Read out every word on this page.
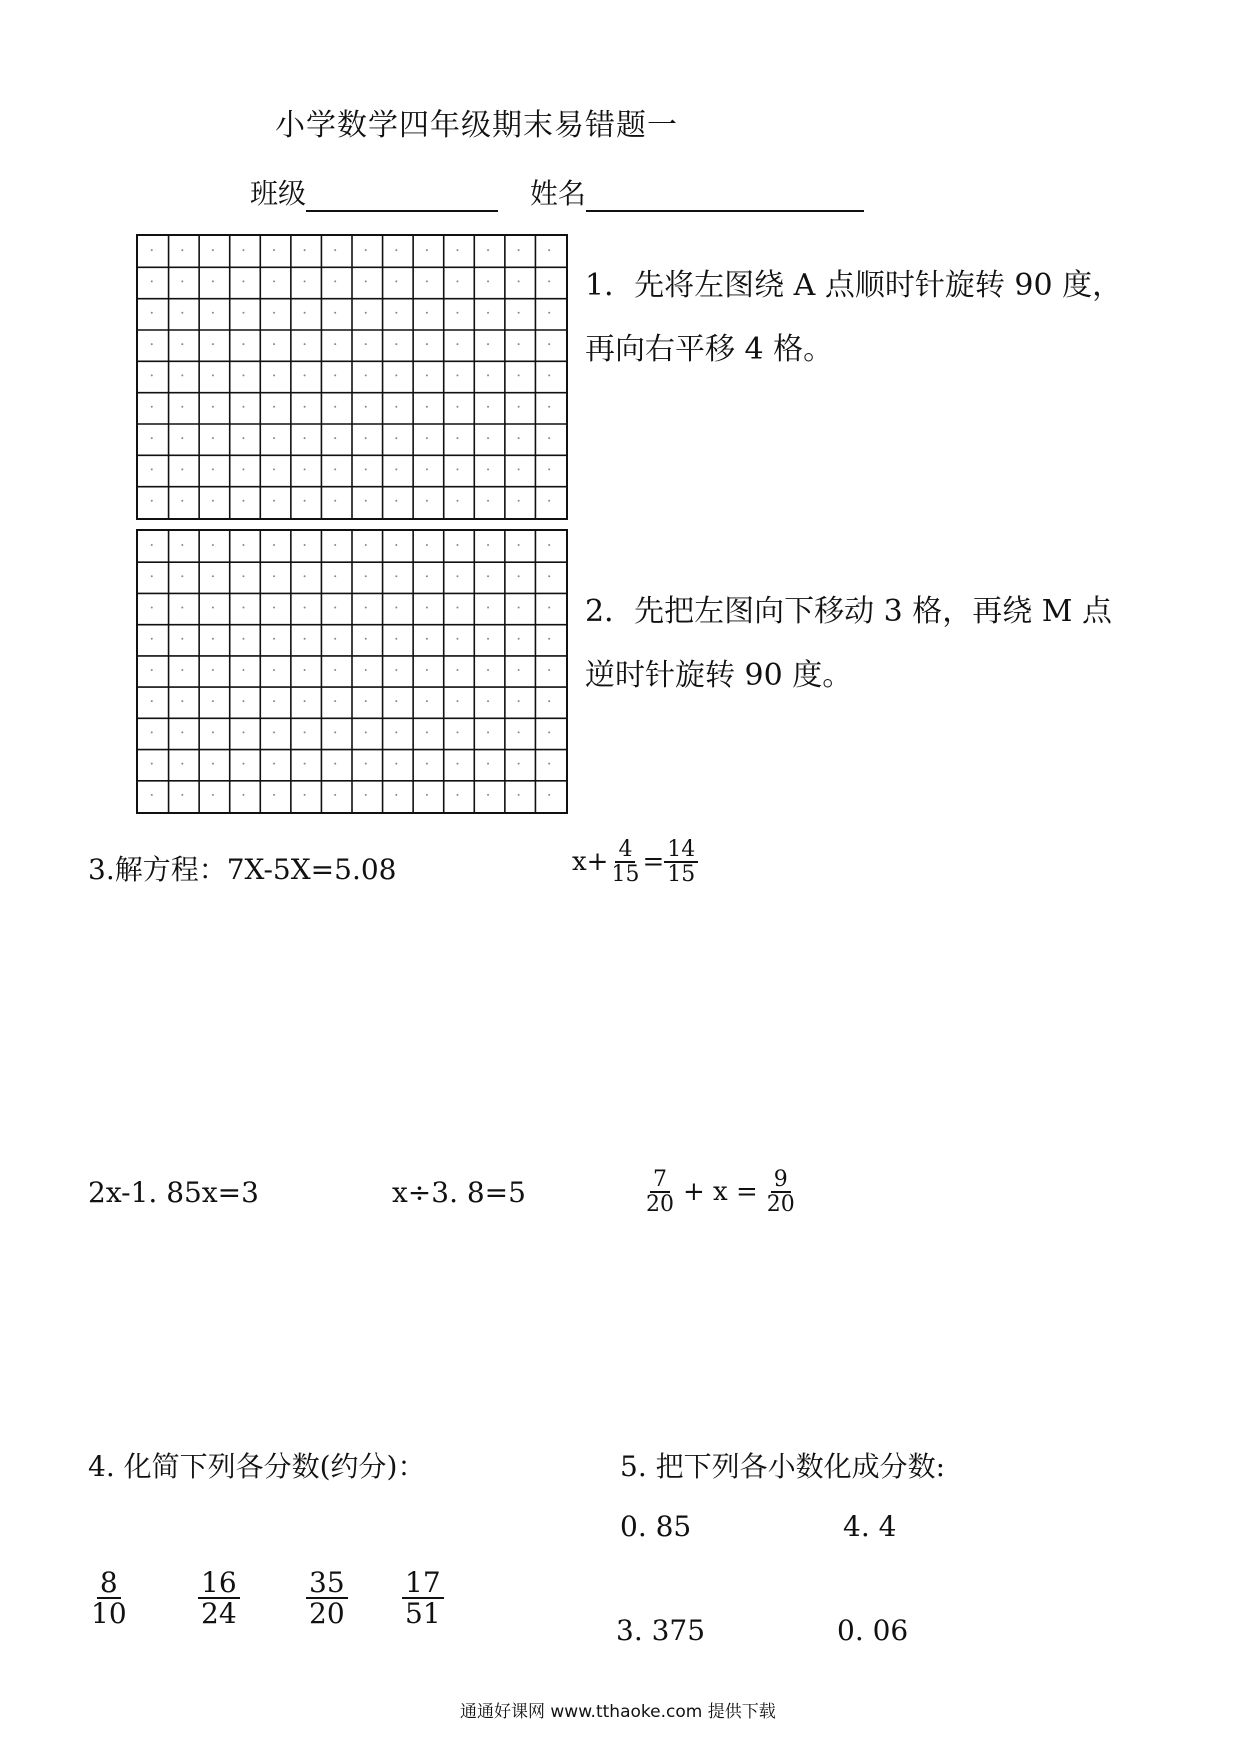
小学数学四年级期末易错题一
班级	姓名
1．先将左图绕 A 点顺时针旋转 90 度，
再向右平移 4 格。
2．先把左图向下移动 3 格，再绕 M 点
逆时针旋转 90 度。
3.解方程：7X-5X=5.08	$x+ \frac{4}{15} = \frac{14}{15}$
2x-1. 85x=3	x÷3. 8=5	$\frac{7}{20} + x = \frac{9}{20}$
4. 化简下列各分数(约分)：	5. 把下列各小数化成分数:
0. 85	4. 4
3. 375	0. 06
$\frac{8}{10} \frac{16}{24} \frac{35}{20} \frac{17}{51}$
通通好课网 www.tthaoke.com 提供下载
